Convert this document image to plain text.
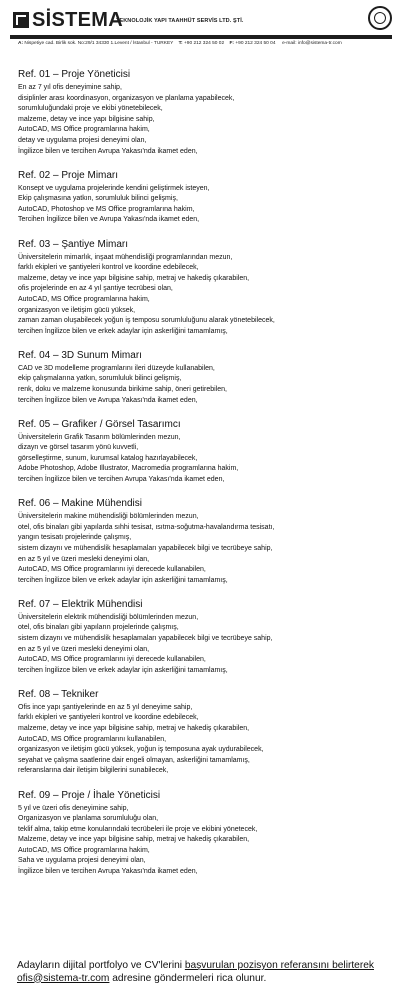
SİSTEMA
TEKNOLOJİK YAPI TAAHHÜT SERVİS LTD. ŞTİ.
A: Nispetiye cad. Birlik sok. No:29/1 34330 1.Levent / İstanbul - TURKEY T: +90 212 324 50 02 F: +90 212 324 50 04 e-mail: info@sistema-tr.com
Ref. 01 – Proje Yöneticisi
En az 7 yıl ofis deneyimine sahip,
disiplinler arası koordinasyon, organizasyon ve planlama yapabilecek,
sorumluluğundaki proje ve ekibi yönetebilecek,
malzeme, detay ve ince yapı bilgisine sahip,
AutoCAD, MS Office programlarına hakim,
detay ve uygulama projesi deneyimi olan,
İngilizce bilen ve tercihen Avrupa Yakası'nda ikamet eden,
Ref. 02 – Proje Mimarı
Konsept ve uygulama projelerinde kendini geliştirmek isteyen,
Ekip çalışmasına yatkın, sorumluluk bilinci gelişmiş,
AutoCAD, Photoshop ve MS Office programlarına hakim,
Tercihen İngilizce bilen ve Avrupa Yakası'nda ikamet eden,
Ref. 03 – Şantiye Mimarı
Üniversitelerin mimarlık, inşaat mühendisliği programlarından mezun,
farklı ekipleri ve şantiyeleri kontrol ve koordine edebilecek,
malzeme, detay ve ince yapı bilgisine sahip, metraj ve hakediş çıkarabilen,
ofis projelerinde en az 4 yıl şantiye tecrübesi olan,
AutoCAD, MS Office programlarına hakim,
organizasyon ve iletişim gücü yüksek,
zaman zaman oluşabilecek yoğun iş temposu sorumluluğunu alarak yönetebilecek,
tercihen İngilizce bilen ve erkek adaylar için askerliğini tamamlamış,
Ref. 04 – 3D Sunum Mimarı
CAD ve 3D modelleme programlarını ileri düzeyde kullanabilen,
ekip çalışmalarına yatkın, sorumluluk bilinci gelişmiş,
renk, doku ve malzeme konusunda birikime sahip, öneri getirebilen,
tercihen İngilizce bilen ve Avrupa Yakası'nda ikamet eden,
Ref. 05 – Grafiker / Görsel Tasarımcı
Üniversitelerin Grafik Tasarım bölümlerinden mezun,
dizayn ve görsel tasarım yönü kuvvetli,
görselleştirme, sunum, kurumsal katalog hazırlayabilecek,
Adobe Photoshop, Adobe Illustrator, Macromedia programlarına hakim,
tercihen İngilizce bilen ve tercihen Avrupa Yakası'nda ikamet eden,
Ref. 06 – Makine Mühendisi
Üniversitelerin makine mühendisliği bölümlerinden mezun,
otel, ofis binaları gibi yapılarda sıhhi tesisat, ısıtma-soğutma-havalandırma tesisatı,
yangın tesisatı projelerinde çalışmış,
sistem dizaynı ve mühendislik hesaplamaları yapabilecek bilgi ve tecrübeye sahip,
en az 5 yıl ve üzeri mesleki deneyimi olan,
AutoCAD, MS Office programlarını iyi derecede kullanabilen,
tercihen İngilizce bilen ve erkek adaylar için askerliğini tamamlamış,
Ref. 07 – Elektrik Mühendisi
Üniversitelerin elektrik mühendisliği bölümlerinden mezun,
otel, ofis binaları gibi yapıların projelerinde çalışmış,
sistem dizaynı ve mühendislik hesaplamaları yapabilecek bilgi ve tecrübeye sahip,
en az 5 yıl ve üzeri mesleki deneyimi olan,
AutoCAD, MS Office programlarını iyi derecede kullanabilen,
tercihen İngilizce bilen ve erkek adaylar için askerliğini tamamlamış,
Ref. 08 – Tekniker
Ofis ince yapı şantiyelerinde en az 5 yıl deneyime sahip,
farklı ekipleri ve şantiyeleri kontrol ve koordine edebilecek,
malzeme, detay ve ince yapı bilgisine sahip, metraj ve hakediş çıkarabilen,
AutoCAD, MS Office programlarını kullanabilen,
organizasyon ve iletişim gücü yüksek, yoğun iş temposuna ayak uydurabilecek,
seyahat ve çalışma saatlerine dair engeli olmayan, askerliğini tamamlamış,
referanslarına dair iletişim bilgilerini sunabilecek,
Ref. 09 – Proje / İhale Yöneticisi
5 yıl ve üzeri ofis deneyimine sahip,
Organizasyon ve planlama sorumluluğu olan,
teklif alma, takip etme konularındaki tecrübeleri ile proje ve ekibini yönetecek,
Malzeme, detay ve ince yapı bilgisine sahip, metraj ve hakediş çıkarabilen,
AutoCAD, MS Office programlarına hakim,
Saha ve uygulama projesi deneyimi olan,
İngilizce bilen ve tercihen Avrupa Yakası'nda ikamet eden,
Adayların dijital portfolyo ve CV'lerini başvurulan pozisyon referansını belirterek ofis@sistema-tr.com adresine göndermeleri rica olunur.
